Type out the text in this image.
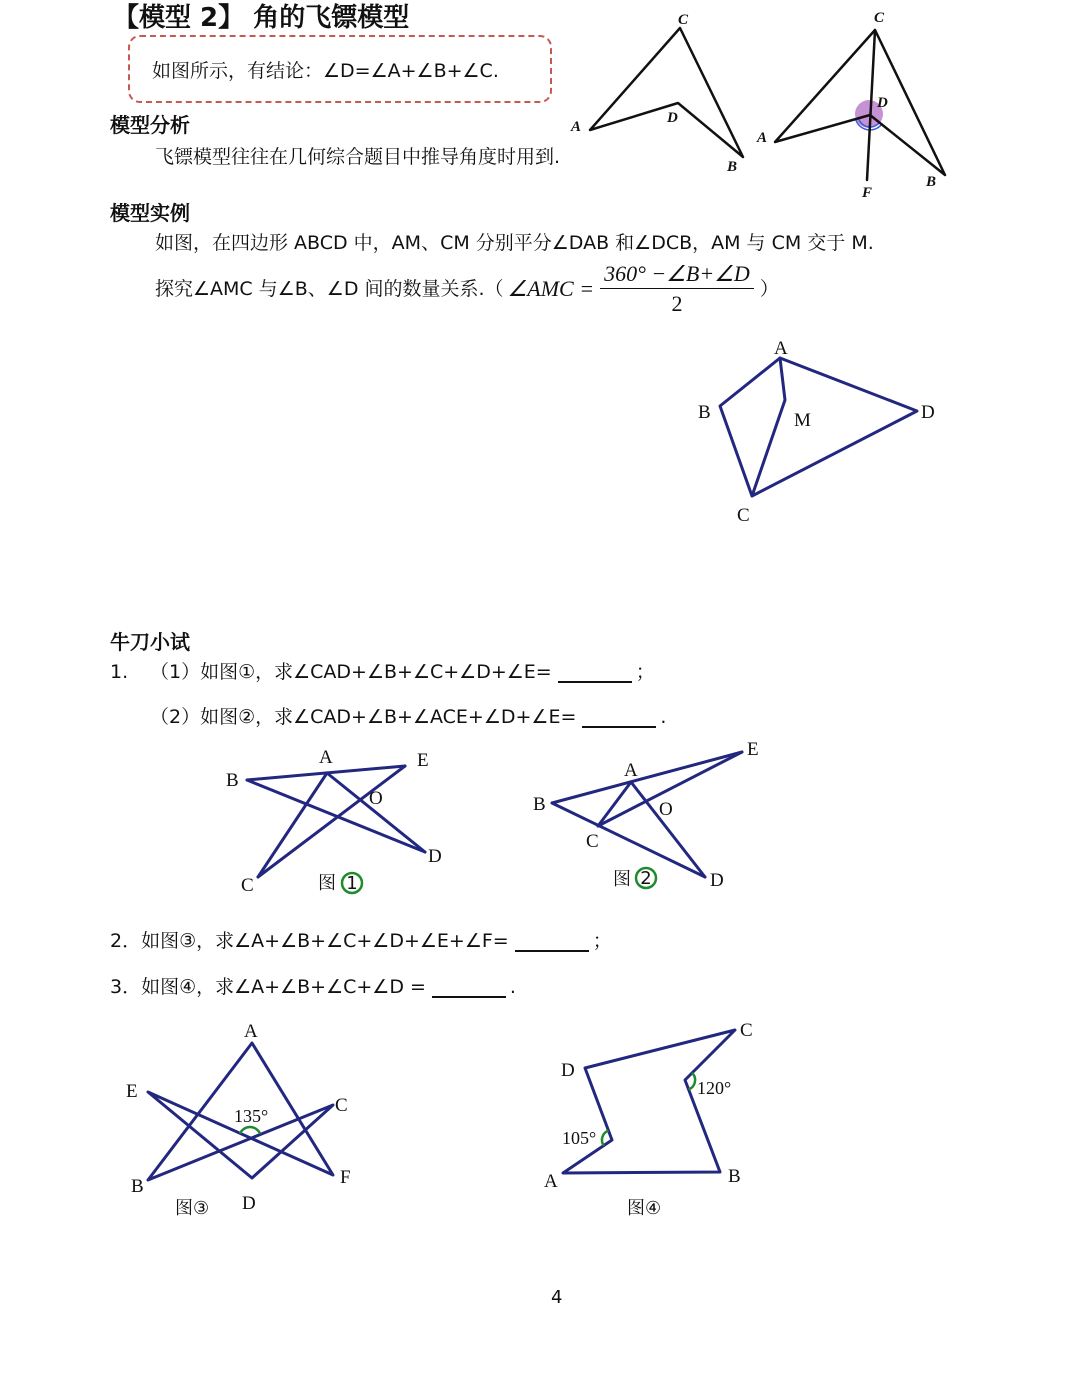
C
A
D
B
C
D
A
B
F
A
B	M	D
C
A	E
B
O
D
C	图 1
E
A
B	O
C
D
图 2
135°
A
E
C
B
D
F
图③
C
D
120°
105°
A	B
图④
【模型 2】 角的飞镖模型
如图所示，有结论：∠D=∠A+∠B+∠C.
模型分析
飞镖模型往往在几何综合题目中推导角度时用到.
模型实例
如图，在四边形 ABCD 中，AM、CM 分别平分∠DAB 和∠DCB，AM 与 CM 交于 M.
探究∠AMC 与∠B、∠D 间的数量关系.（ ∠AMC = $\frac{360^\circ -\angle B+\angle D}{2}$ ）
牛刀小试
1.	（1）如图①，求∠CAD+∠B+∠C+∠D+∠E=	；
（2）如图②，求∠CAD+∠B+∠ACE+∠D+∠E=	.
2． 如图③，求∠A+∠B+∠C+∠D+∠E+∠F=	；
3． 如图④，求∠A+∠B+∠C+∠D =	.
4
